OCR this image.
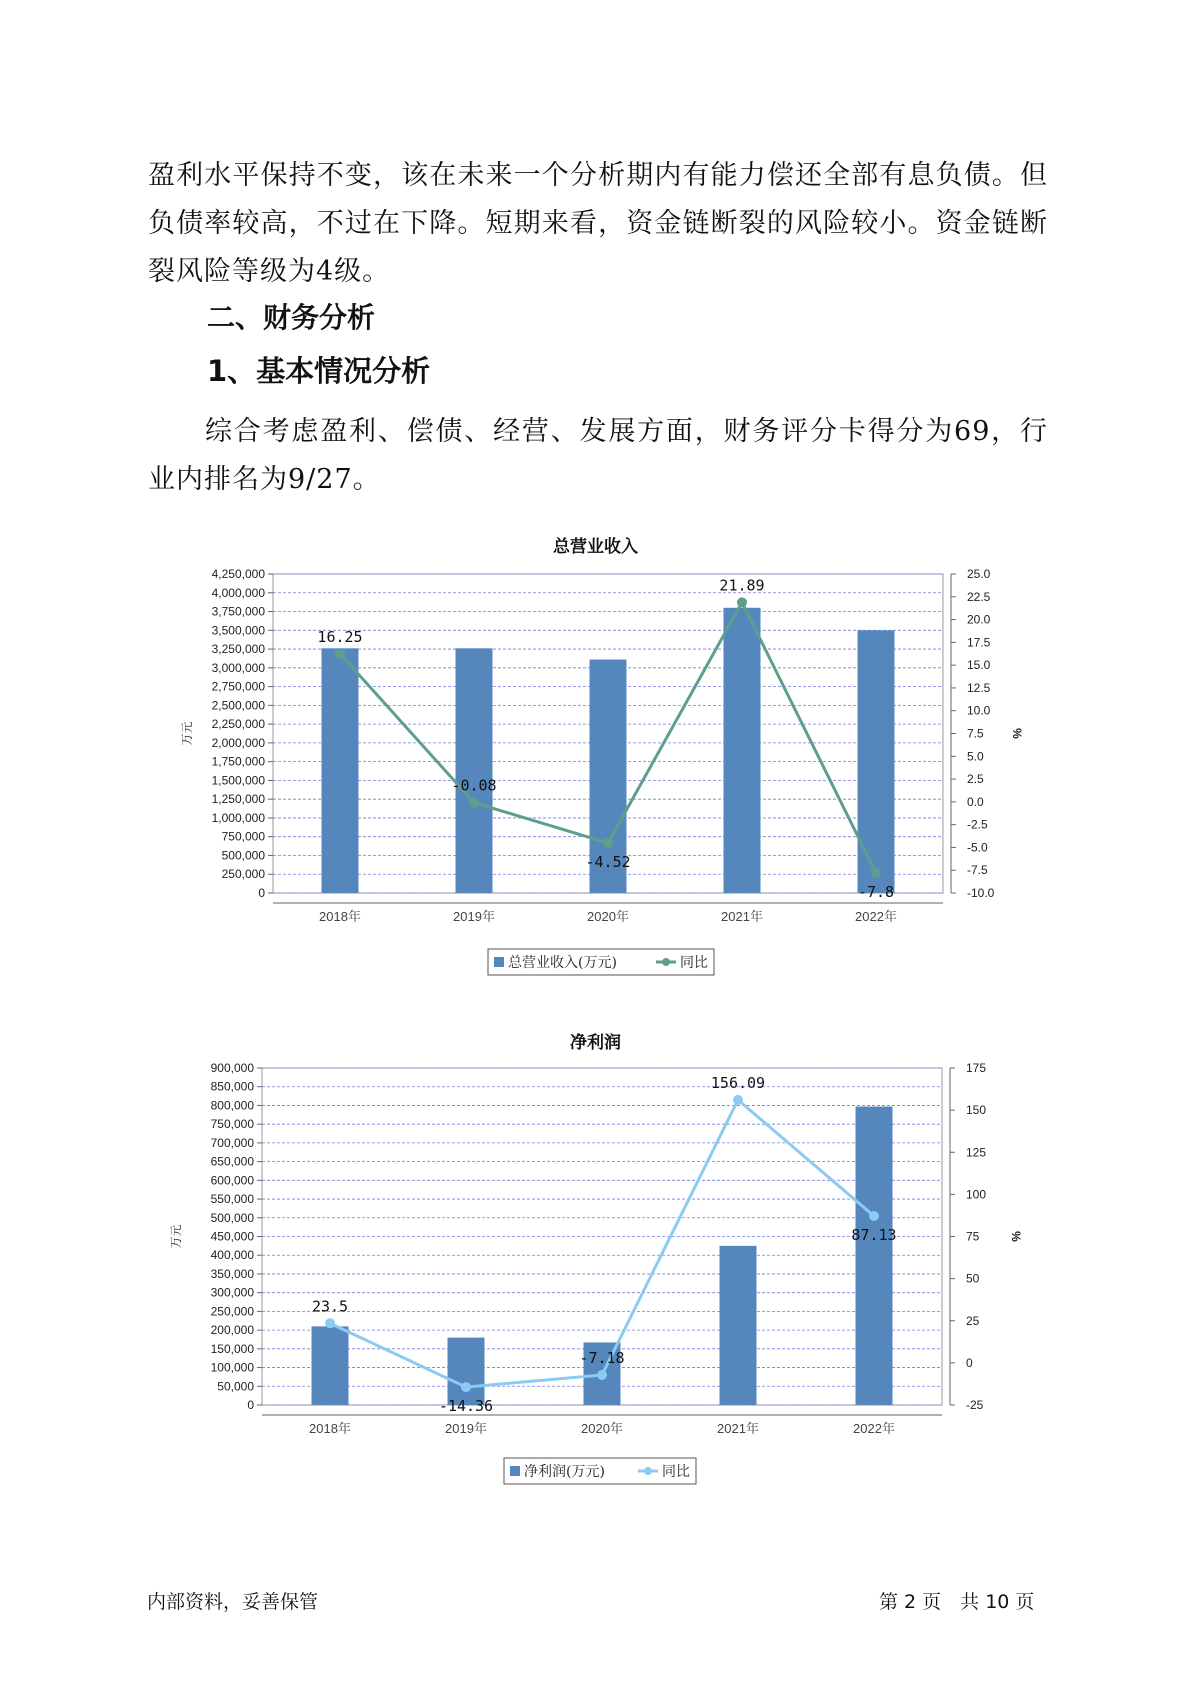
盈利水平保持不变，该在未来一个分析期内有能力偿还全部有息负债。但负债率较高，不过在下降。短期来看，资金链断裂的风险较小。资金链断裂风险等级为4级。
二、财务分析
1、基本情况分析
综合考虑盈利、偿债、经营、发展方面，财务评分卡得分为69，行业内排名为9/27。
总营业收入
0
250,000
500,000
750,000
1,000,000
1,250,000
1,500,000
1,750,000
2,000,000
2,250,000
2,500,000
2,750,000
3,000,000
3,250,000
3,500,000
3,750,000
4,000,000
4,250,000
-10.0
-7.5
-5.0
-2.5
0.0
2.5
5.0
7.5
10.0
12.5
15.0
17.5
20.0
22.5
25.0
万元	%
2018年	2019年	2020年	2021年	2022年
16.25
-0.08
-4.52
21.89
-7.8
总营业收入(万元)	同比
净利润
0
50,000
100,000
150,000
200,000
250,000
300,000
350,000
400,000
450,000
500,000
550,000
600,000
650,000
700,000
750,000
800,000
850,000
900,000
-25
0
25
50
75
100
125
150
175
万元	%
2018年	2019年	2020年	2021年	2022年
23.5
-14.36
-7.18
156.09
87.13
净利润(万元)	同比
内部资料，妥善保管	第 2 页　共 10 页
